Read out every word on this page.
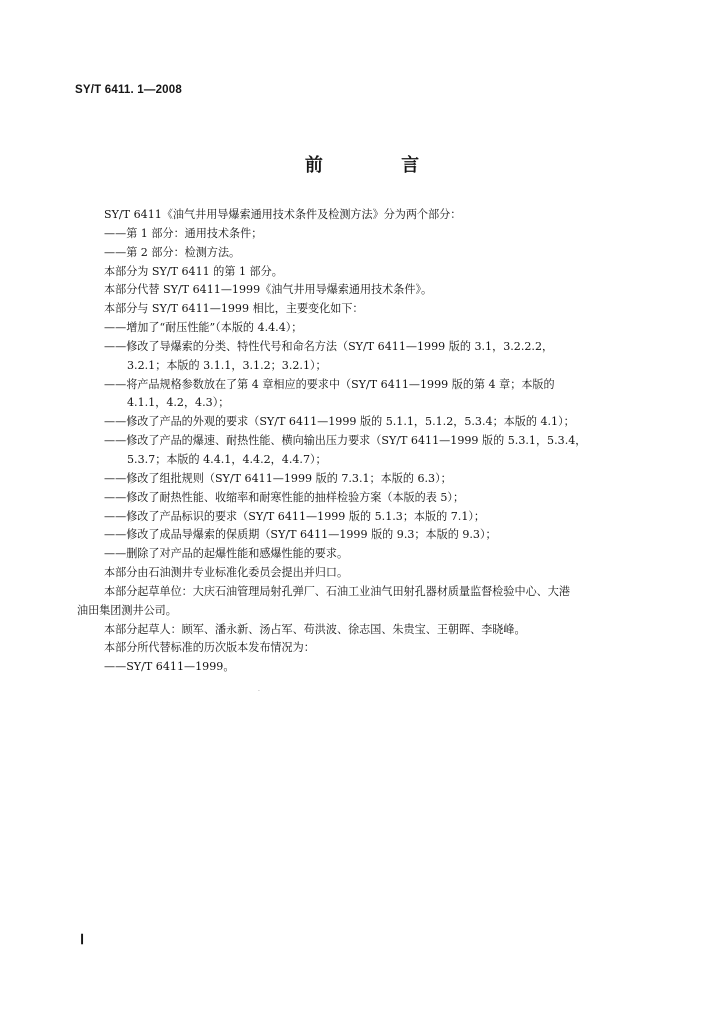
SY/T 6411. 1—2008
前 言
SY/T 6411《油气井用导爆索通用技术条件及检测方法》分为两个部分：
——第 1 部分：通用技术条件；
——第 2 部分：检测方法。
本部分为 SY/T 6411 的第 1 部分。
本部分代替 SY/T 6411—1999《油气井用导爆索通用技术条件》。
本部分与 SY/T 6411—1999 相比，主要变化如下：
——增加了“耐压性能”（本版的 4.4.4）；
——修改了导爆索的分类、特性代号和命名方法（SY/T 6411—1999 版的 3.1，3.2.2.2，
3.2.1；本版的 3.1.1，3.1.2；3.2.1）；
——将产品规格参数放在了第 4 章相应的要求中（SY/T 6411—1999 版的第 4 章；本版的
4.1.1，4.2，4.3）；
——修改了产品的外观的要求（SY/T 6411—1999 版的 5.1.1，5.1.2，5.3.4；本版的 4.1）；
——修改了产品的爆速、耐热性能、横向输出压力要求（SY/T 6411—1999 版的 5.3.1，5.3.4，
5.3.7；本版的 4.4.1，4.4.2，4.4.7）；
——修改了组批规则（SY/T 6411—1999 版的 7.3.1；本版的 6.3）；
——修改了耐热性能、收缩率和耐寒性能的抽样检验方案（本版的表 5）；
——修改了产品标识的要求（SY/T 6411—1999 版的 5.1.3；本版的 7.1）；
——修改了成品导爆索的保质期（SY/T 6411—1999 版的 9.3；本版的 9.3）；
——删除了对产品的起爆性能和感爆性能的要求。
本部分由石油测井专业标准化委员会提出并归口。
本部分起草单位：大庆石油管理局射孔弹厂、石油工业油气田射孔器材质量监督检验中心、大港
油田集团测井公司。
本部分起草人：顾军、潘永新、汤占军、苟洪波、徐志国、朱贵宝、王朝晖、李晓峰。
本部分所代替标准的历次版本发布情况为：
——SY/T 6411—1999。
·
Ⅰ
